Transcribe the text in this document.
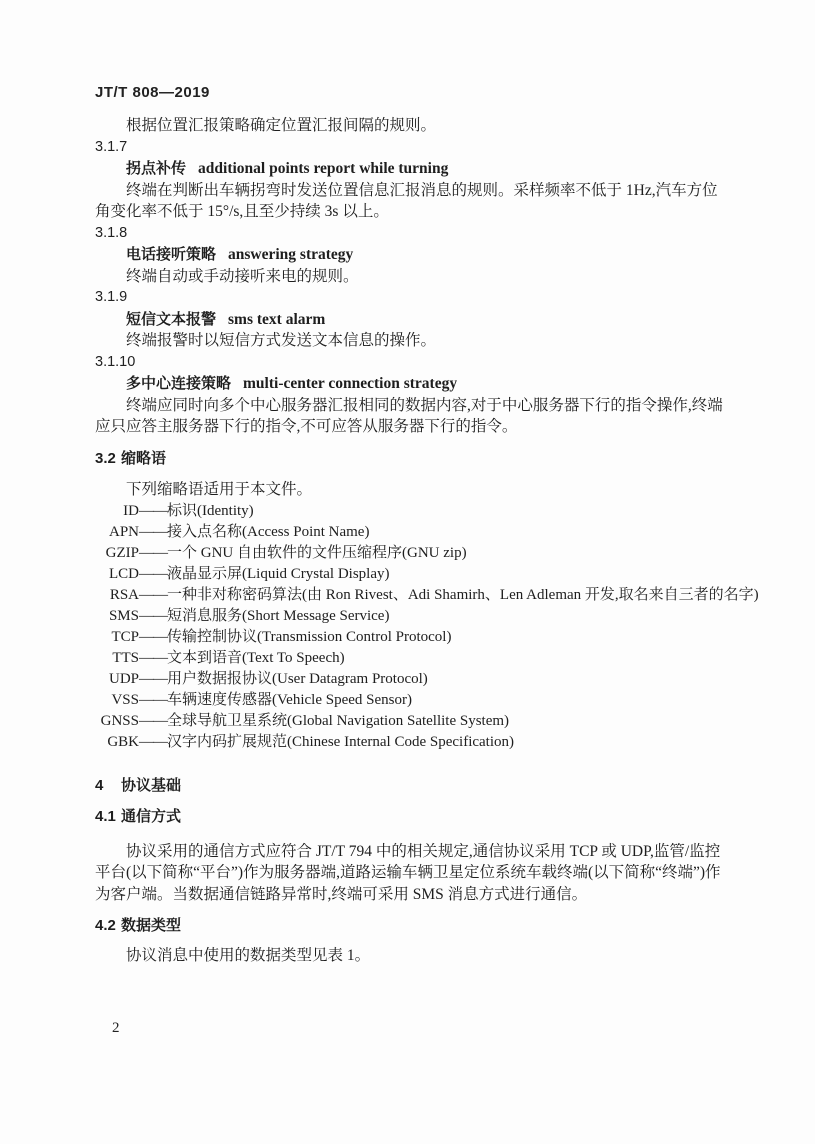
JT/T 808—2019

根据位置汇报策略确定位置汇报间隔的规则。

3.1.7
拐点补传 additional points report while turning

终端在判断出车辆拐弯时发送位置信息汇报消息的规则。采样频率不低于 1Hz,汽车方位角变化率不低于 15°/s,且至少持续 3s 以上。

3.1.8
电话接听策略 answering strategy

终端自动或手动接听来电的规则。

3.1.9
短信文本报警 sms text alarm

终端报警时以短信方式发送文本信息的操作。

3.1.10
多中心连接策略 multi-center connection strategy

终端应同时向多个中心服务器汇报相同的数据内容,对于中心服务器下行的指令操作,终端应只应答主服务器下行的指令,不可应答从服务器下行的指令。

3.2 缩略语

下列缩略语适用于本文件。

ID——标识(Identity)
APN——接入点名称(Access Point Name)
GZIP——一个 GNU 自由软件的文件压缩程序(GNU zip)
LCD——液晶显示屏(Liquid Crystal Display)
RSA——一种非对称密码算法(由 Ron Rivest、Adi Shamirh、Len Adleman 开发,取名来自三者的名字)
SMS——短消息服务(Short Message Service)
TCP——传输控制协议(Transmission Control Protocol)
TTS——文本到语音(Text To Speech)
UDP——用户数据报协议(User Datagram Protocol)
VSS——车辆速度传感器(Vehicle Speed Sensor)
GNSS——全球导航卫星系统(Global Navigation Satellite System)
GBK——汉字内码扩展规范(Chinese Internal Code Specification)
4 协议基础
4.1 通信方式

协议采用的通信方式应符合 JT/T 794 中的相关规定,通信协议采用 TCP 或 UDP,监管/监控平台(以下简称“平台”)作为服务器端,道路运输车辆卫星定位系统车载终端(以下简称“终端”)作为客户端。当数据通信链路异常时,终端可采用 SMS 消息方式进行通信。

4.2 数据类型

协议消息中使用的数据类型见表 1。

2
